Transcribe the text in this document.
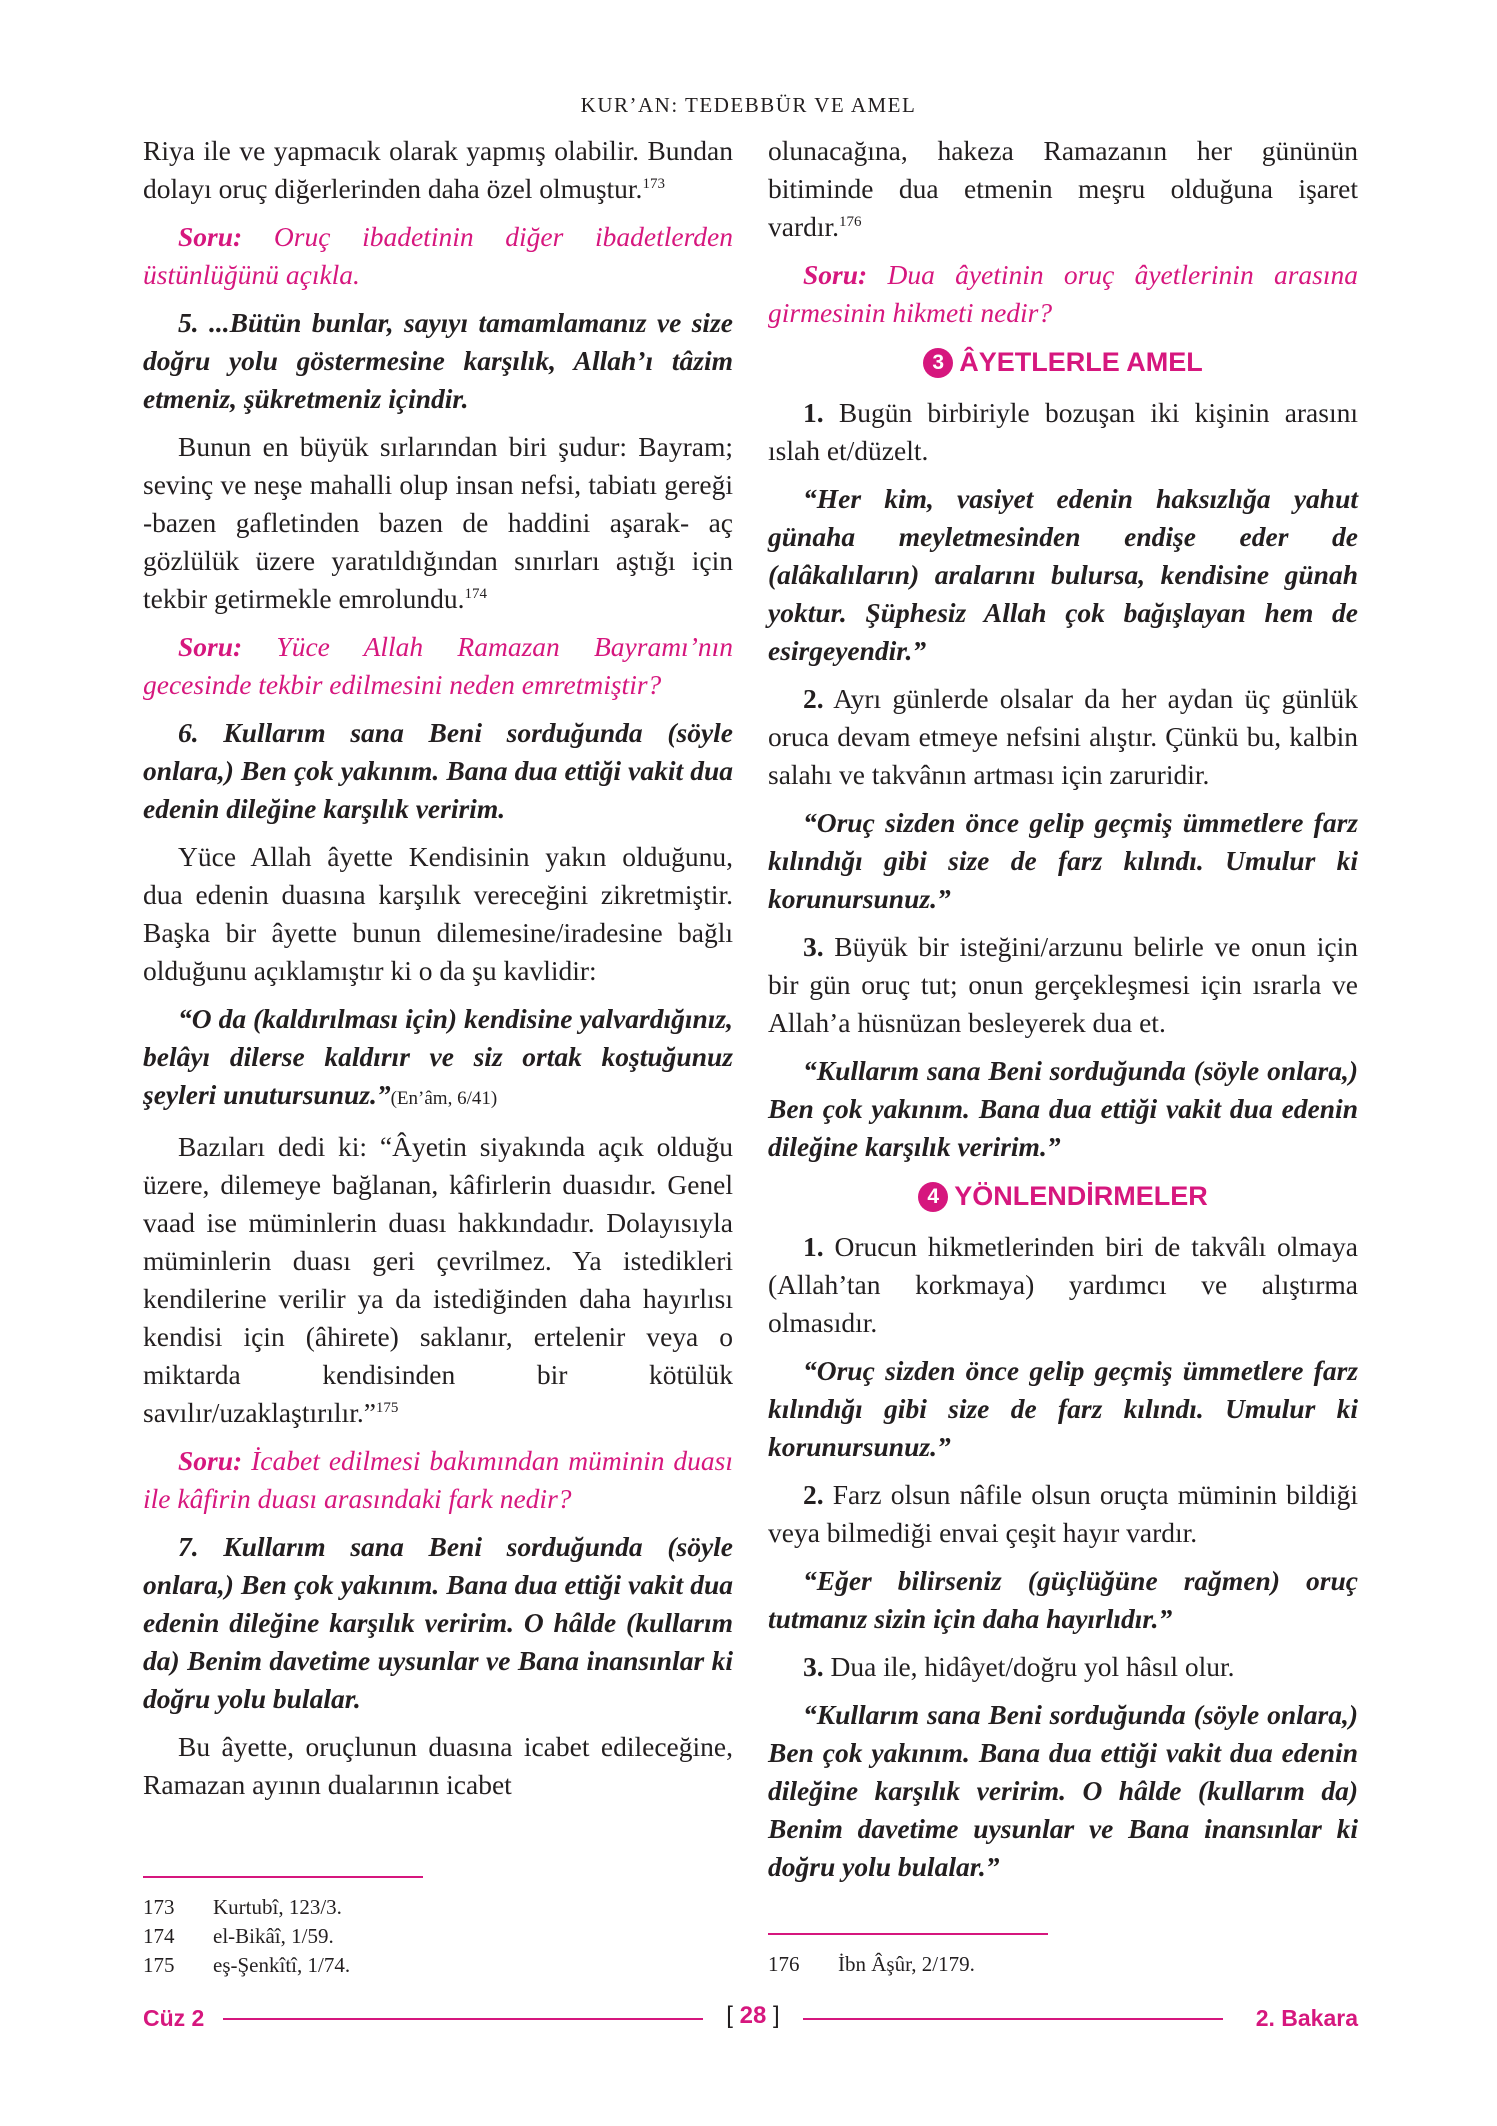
KUR’AN: TEDEBBÜR VE AMEL

Riya ile ve yapmacık olarak yapmış olabilir. Bundan dolayı oruç diğerlerinden daha özel olmuştur.$^{173}$

Soru: Oruç ibadetinin diğer ibadetlerden üstünlüğünü açıkla.

5. ...Bütün bunlar, sayıyı tamamlamanız ve size doğru yolu göstermesine karşılık, Allah’ı tâzim etmeniz, şükretmeniz içindir.

Bunun en büyük sırlarından biri şudur: Bayram; sevinç ve neşe mahalli olup insan nefsi, tabiatı gereği -bazen gafletinden bazen de haddini aşarak- aç gözlülük üzere yaratıldığından sınırları aştığı için tekbir getirmekle emrolundu.$^{174}$

Soru: Yüce Allah Ramazan Bayramı’nın gecesinde tekbir edilmesini neden emretmiştir?

6. Kullarım sana Beni sorduğunda (söyle onlara,) Ben çok yakınım. Bana dua ettiği vakit dua edenin dileğine karşılık veririm.

Yüce Allah âyette Kendisinin yakın olduğunu, dua edenin duasına karşılık vereceğini zikretmiştir. Başka bir âyette bunun dilemesine/iradesine bağlı olduğunu açıklamıştır ki o da şu kavlidir:

“O da (kaldırılması için) kendisine yalvardığınız, belâyı dilerse kaldırır ve siz ortak koştuğunuz şeyleri unutursunuz.”(En’âm, 6/41)

Bazıları dedi ki: “Âyetin siyakında açık olduğu üzere, dilemeye bağlanan, kâfirlerin duasıdır. Genel vaad ise müminlerin duası hakkındadır. Dolayısıyla müminlerin duası geri çevrilmez. Ya istedikleri kendilerine verilir ya da istediğinden daha hayırlısı kendisi için (âhirete) saklanır, ertelenir veya o miktarda kendisinden bir kötülük savılır/uzaklaştırılır.”$^{175}$

Soru: İcabet edilmesi bakımından müminin duası ile kâfirin duası arasındaki fark nedir?

7. Kullarım sana Beni sorduğunda (söyle onlara,) Ben çok yakınım. Bana dua ettiği vakit dua edenin dileğine karşılık veririm. O hâlde (kullarım da) Benim davetime uysunlar ve Bana inansınlar ki doğru yolu bulalar.

Bu âyette, oruçlunun duasına icabet edileceğine, Ramazan ayının dualarının icabet

173	Kurtubî, 123/3.
174	el-Bikâî, 1/59.
175	eş-Şenkîtî, 1/74.

olunacağına, hakeza Ramazanın her gününün bitiminde dua etmenin meşru olduğuna işaret vardır.$^{176}$

Soru: Dua âyetinin oruç âyetlerinin arasına girmesinin hikmeti nedir?

3 ÂYETLERLE AMEL

1. Bugün birbiriyle bozuşan iki kişinin arasını ıslah et/düzelt.

“Her kim, vasiyet edenin haksızlığa yahut günaha meyletmesinden endişe eder de (alâkalıların) aralarını bulursa, kendisine günah yoktur. Şüphesiz Allah çok bağışlayan hem de esirgeyendir.”

2. Ayrı günlerde olsalar da her aydan üç günlük oruca devam etmeye nefsini alıştır. Çünkü bu, kalbin salahı ve takvânın artması için zaruridir.

“Oruç sizden önce gelip geçmiş ümmetlere farz kılındığı gibi size de farz kılındı. Umulur ki korunursunuz.”

3. Büyük bir isteğini/arzunu belirle ve onun için bir gün oruç tut; onun gerçekleşmesi için ısrarla ve Allah’a hüsnüzan besleyerek dua et.

“Kullarım sana Beni sorduğunda (söyle onlara,) Ben çok yakınım. Bana dua ettiği vakit dua edenin dileğine karşılık veririm.”

4 YÖNLENDİRMELER

1. Orucun hikmetlerinden biri de takvâlı olmaya (Allah’tan korkmaya) yardımcı ve alıştırma olmasıdır.

“Oruç sizden önce gelip geçmiş ümmetlere farz kılındığı gibi size de farz kılındı. Umulur ki korunursunuz.”

2. Farz olsun nâfile olsun oruçta müminin bildiği veya bilmediği envai çeşit hayır vardır.

“Eğer bilirseniz (güçlüğüne rağmen) oruç tutmanız sizin için daha hayırlıdır.”

3. Dua ile, hidâyet/doğru yol hâsıl olur.

“Kullarım sana Beni sorduğunda (söyle onlara,) Ben çok yakınım. Bana dua ettiği vakit dua edenin dileğine karşılık veririm. O hâlde (kullarım da) Benim davetime uysunlar ve Bana inansınlar ki doğru yolu bulalar.”

176	İbn Âşûr, 2/179.
Cüz 2	[ 28 ]	2. Bakara
